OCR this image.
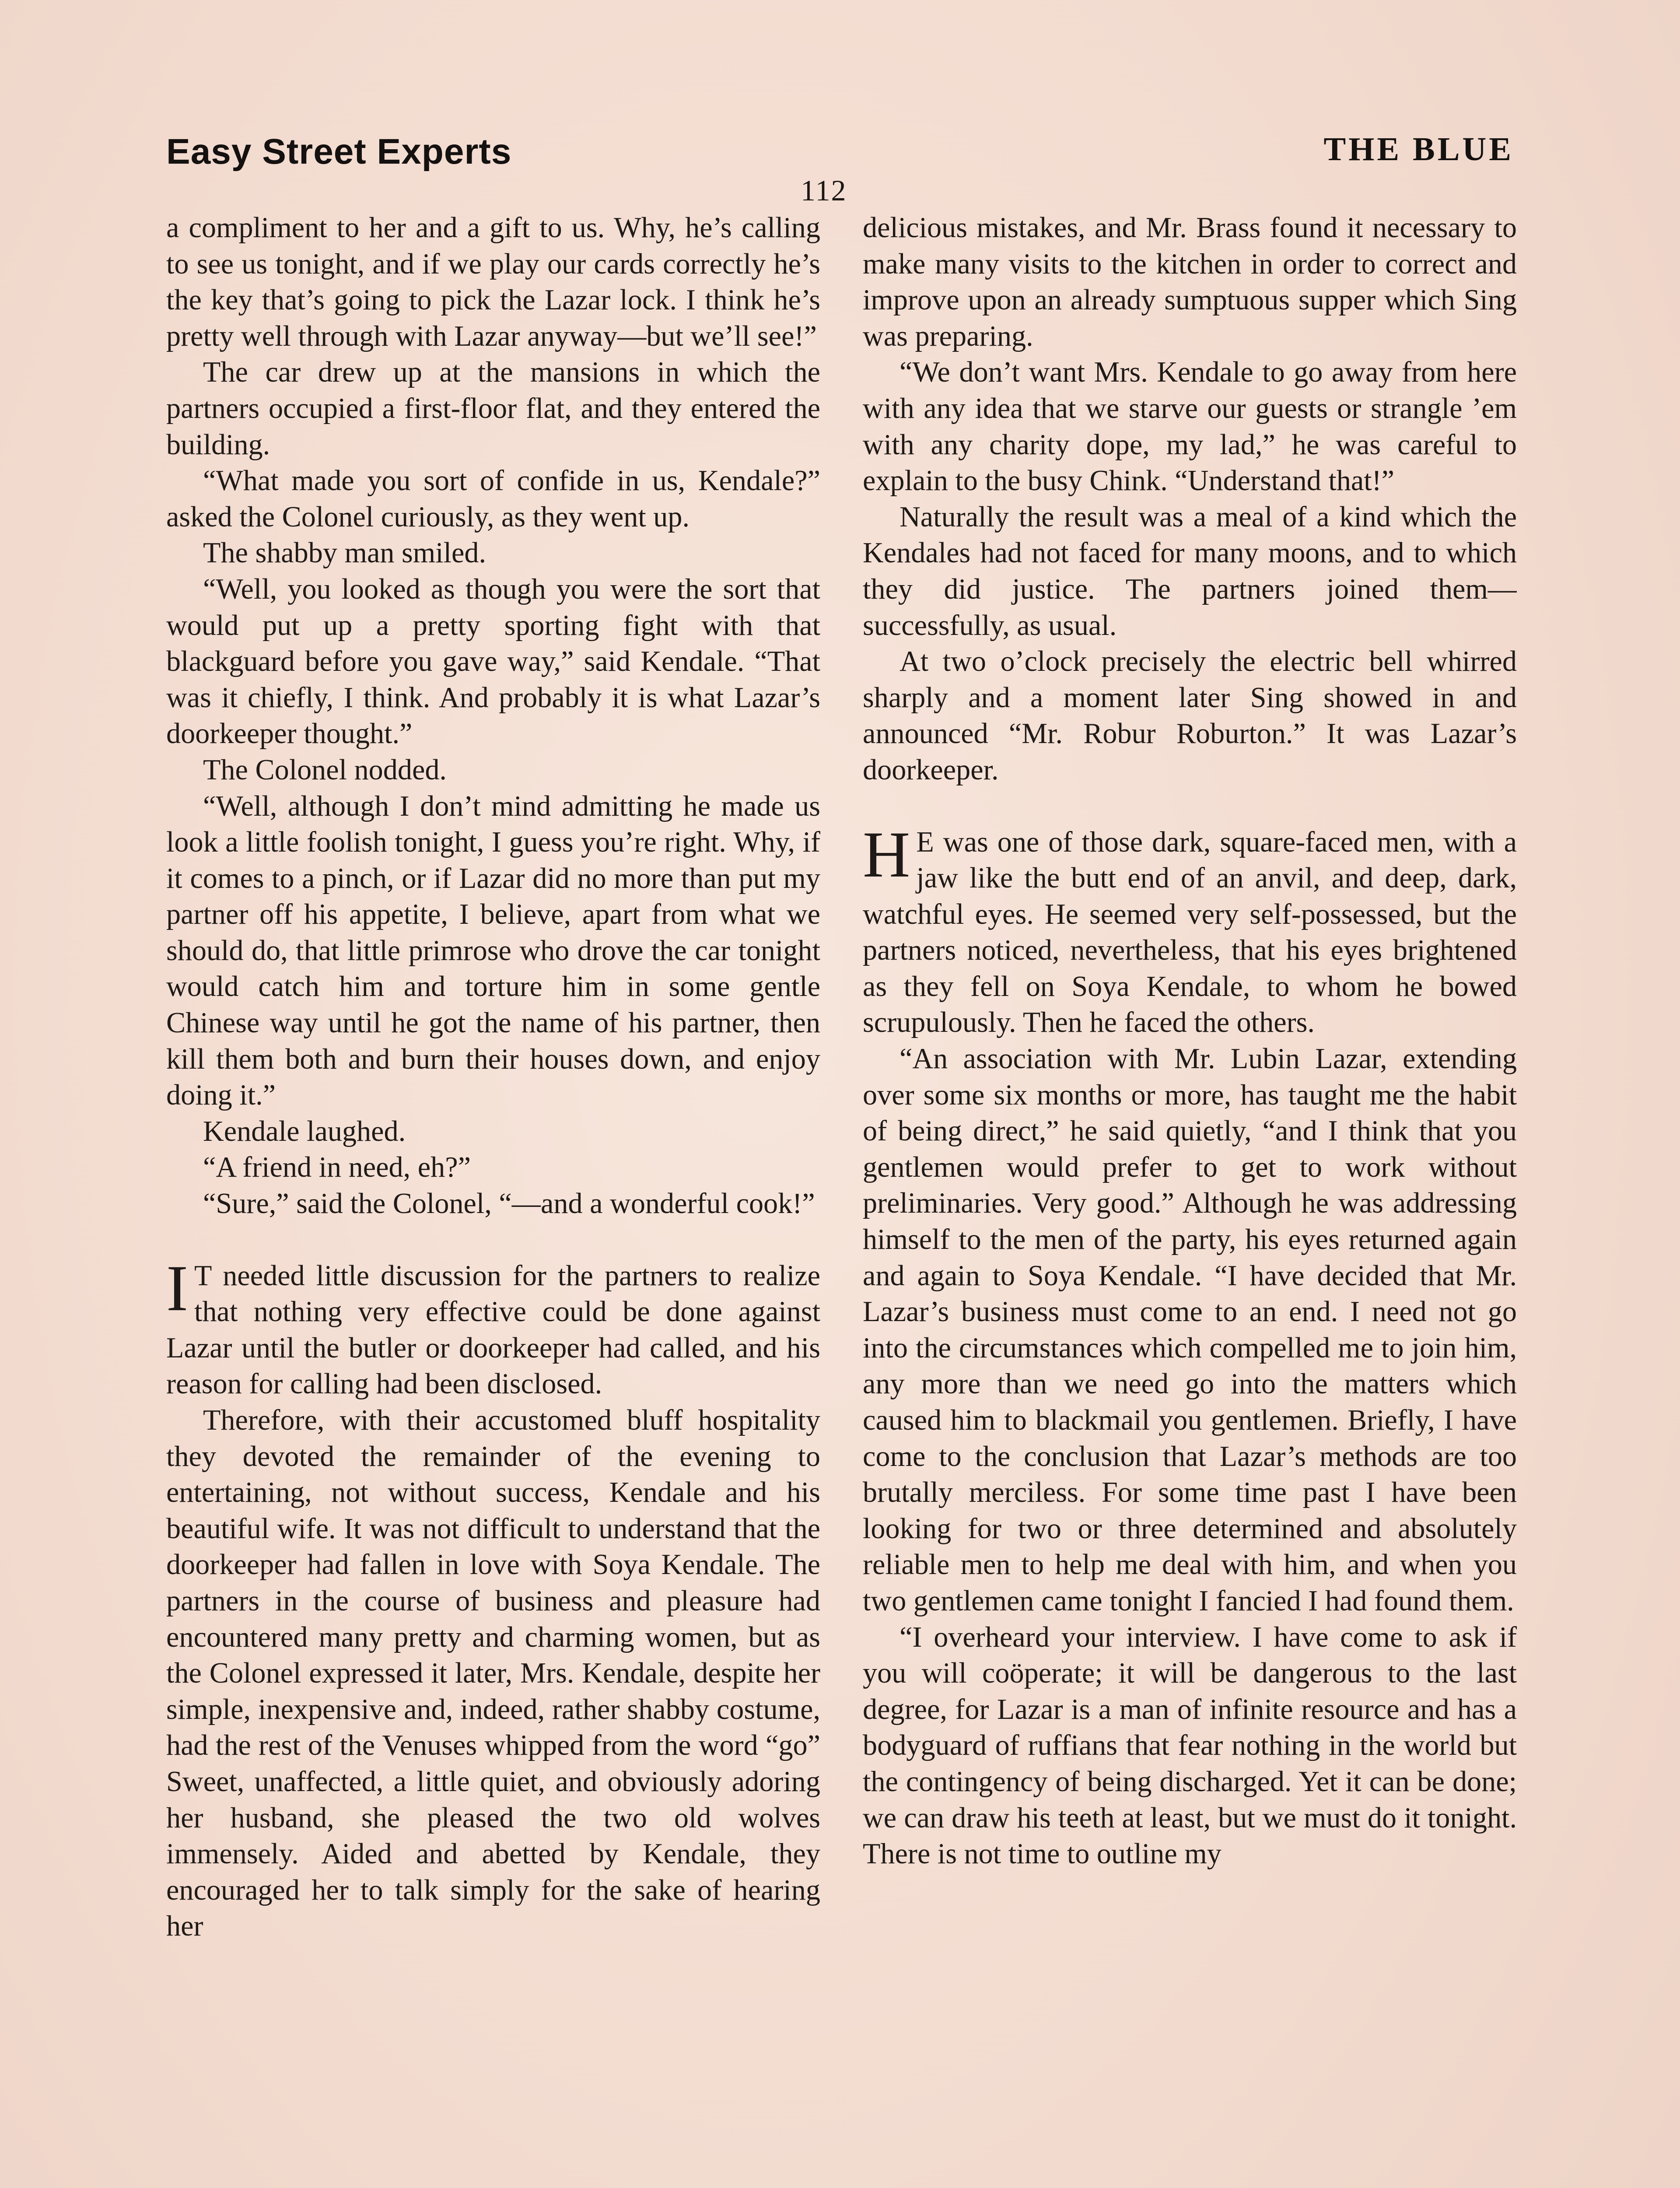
Easy Street Experts	THE BLUE
112

a compliment to her and a gift to us. Why, he’s calling to see us tonight, and if we play our cards correctly he’s the key that’s going to pick the Lazar lock. I think he’s pretty well through with Lazar anyway—but we’ll see!”

The car drew up at the mansions in which the partners occupied a first-floor flat, and they entered the building.

“What made you sort of confide in us, Kendale?” asked the Colonel curiously, as they went up.

The shabby man smiled.

“Well, you looked as though you were the sort that would put up a pretty sporting fight with that blackguard before you gave way,” said Kendale. “That was it chiefly, I think. And probably it is what Lazar’s doorkeeper thought.”

The Colonel nodded.

“Well, although I don’t mind admitting he made us look a little foolish tonight, I guess you’re right. Why, if it comes to a pinch, or if Lazar did no more than put my partner off his appetite, I believe, apart from what we should do, that little primrose who drove the car tonight would catch him and torture him in some gentle Chinese way until he got the name of his partner, then kill them both and burn their houses down, and enjoy doing it.”

Kendale laughed.

“A friend in need, eh?”

“Sure,” said the Colonel, “—and a wonderful cook!”

I T needed little discussion for the partners to realize that nothing very effective could be done against Lazar until the butler or doorkeeper had called, and his reason for calling had been disclosed.

Therefore, with their accustomed bluff hospitality they devoted the remainder of the evening to entertaining, not without success, Kendale and his beautiful wife. It was not difficult to understand that the doorkeeper had fallen in love with Soya Kendale. The partners in the course of business and pleasure had encountered many pretty and charming women, but as the Colonel expressed it later, Mrs. Kendale, despite her simple, inexpensive and, indeed, rather shabby costume, had the rest of the Venuses whipped from the word “go” Sweet, unaffected, a little quiet, and obviously adoring her husband, she pleased the two old wolves immensely. Aided and abetted by Kendale, they encouraged her to talk simply for the sake of hearing her

delicious mistakes, and Mr. Brass found it necessary to make many visits to the kitchen in order to correct and improve upon an already sumptuous supper which Sing was preparing.

“We don’t want Mrs. Kendale to go away from here with any idea that we starve our guests or strangle ’em with any charity dope, my lad,” he was careful to explain to the busy Chink. “Understand that!”

Naturally the result was a meal of a kind which the Kendales had not faced for many moons, and to which they did justice. The partners joined them—successfully, as usual.

At two o’clock precisely the electric bell whirred sharply and a moment later Sing showed in and announced “Mr. Robur Roburton.” It was Lazar’s doorkeeper.

H E was one of those dark, square-faced men, with a jaw like the butt end of an anvil, and deep, dark, watchful eyes. He seemed very self-possessed, but the partners noticed, nevertheless, that his eyes brightened as they fell on Soya Kendale, to whom he bowed scrupulously. Then he faced the others.

“An association with Mr. Lubin Lazar, extending over some six months or more, has taught me the habit of being direct,” he said quietly, “and I think that you gentlemen would prefer to get to work without preliminaries. Very good.” Although he was addressing himself to the men of the party, his eyes returned again and again to Soya Kendale. “I have decided that Mr. Lazar’s business must come to an end. I need not go into the circumstances which compelled me to join him, any more than we need go into the matters which caused him to blackmail you gentlemen. Briefly, I have come to the conclusion that Lazar’s methods are too brutally merciless. For some time past I have been looking for two or three determined and absolutely reliable men to help me deal with him, and when you two gentlemen came tonight I fancied I had found them.

“I overheard your interview. I have come to ask if you will coöperate; it will be dangerous to the last degree, for Lazar is a man of infinite resource and has a bodyguard of ruffians that fear nothing in the world but the contingency of being discharged. Yet it can be done; we can draw his teeth at least, but we must do it tonight. There is not time to outline my
